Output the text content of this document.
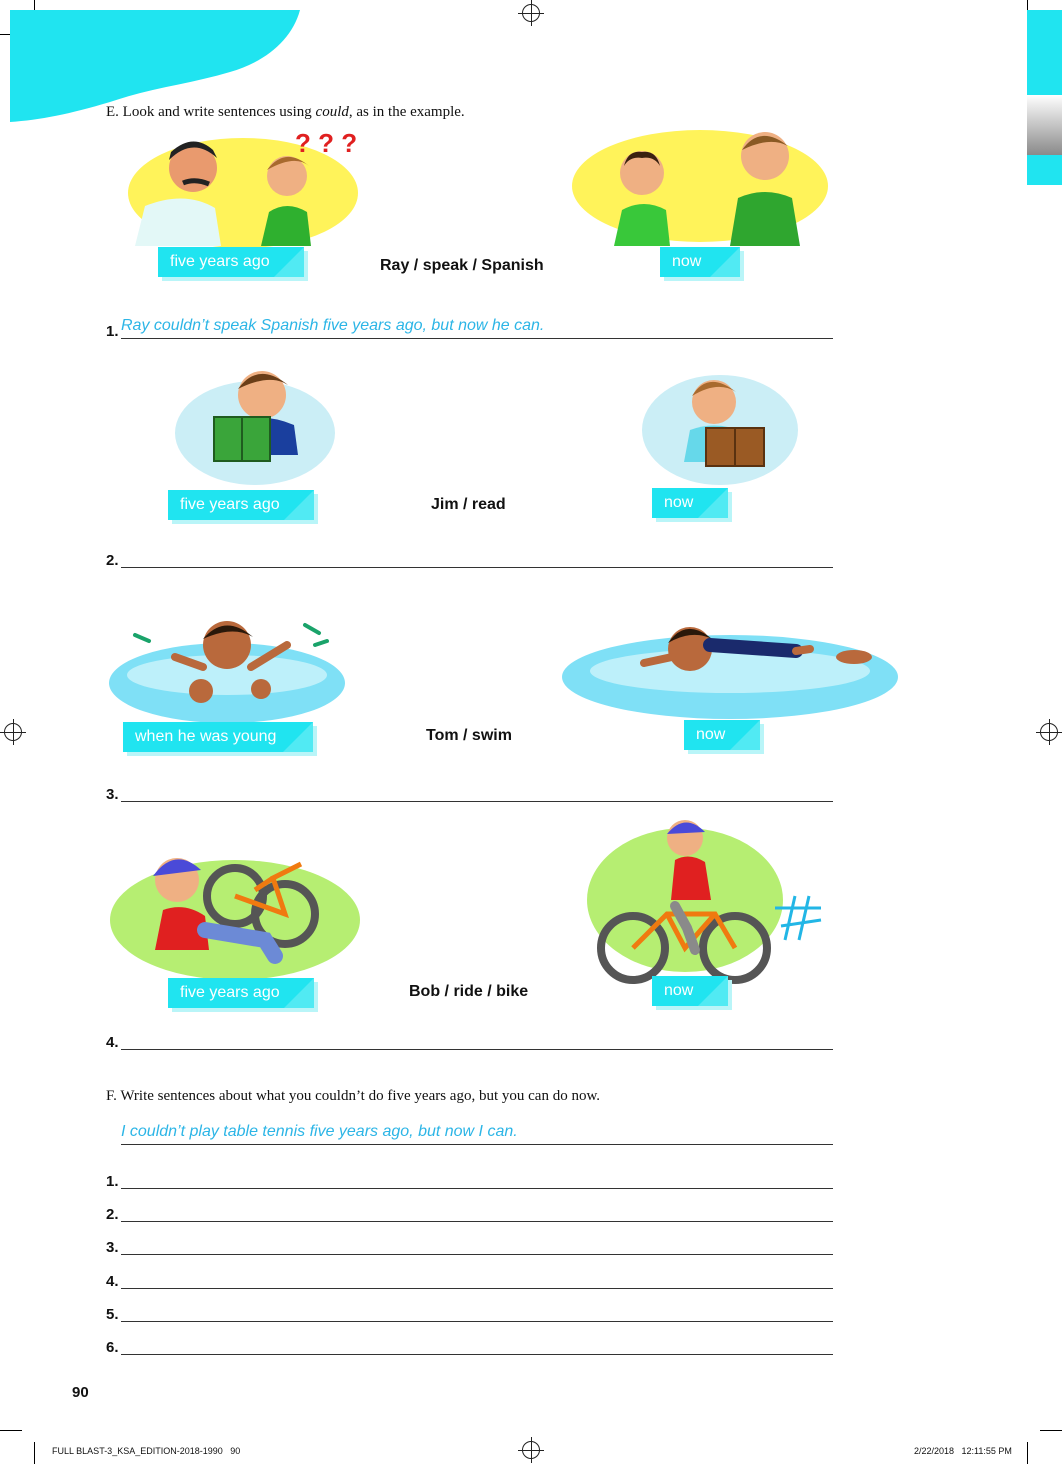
E. Look and write sentences using could, as in the example.
? ? ?
five years ago	Ray / speak / Spanish	now
1. Ray couldn’t speak Spanish five years ago, but now he can.
five years ago	Jim / read	now
2.
when he was young	Tom / swim	now
3.
five years ago	Bob / ride / bike	now
4.
F. Write sentences about what you couldn’t do five years ago, but you can do now.
I couldn’t play table tennis five years ago, but now I can.
1.
2.
3.
4.
5.
6.
90
FULL BLAST-3_KSA_EDITION-2018-1990   90	2/22/2018   12:11:55 PM
